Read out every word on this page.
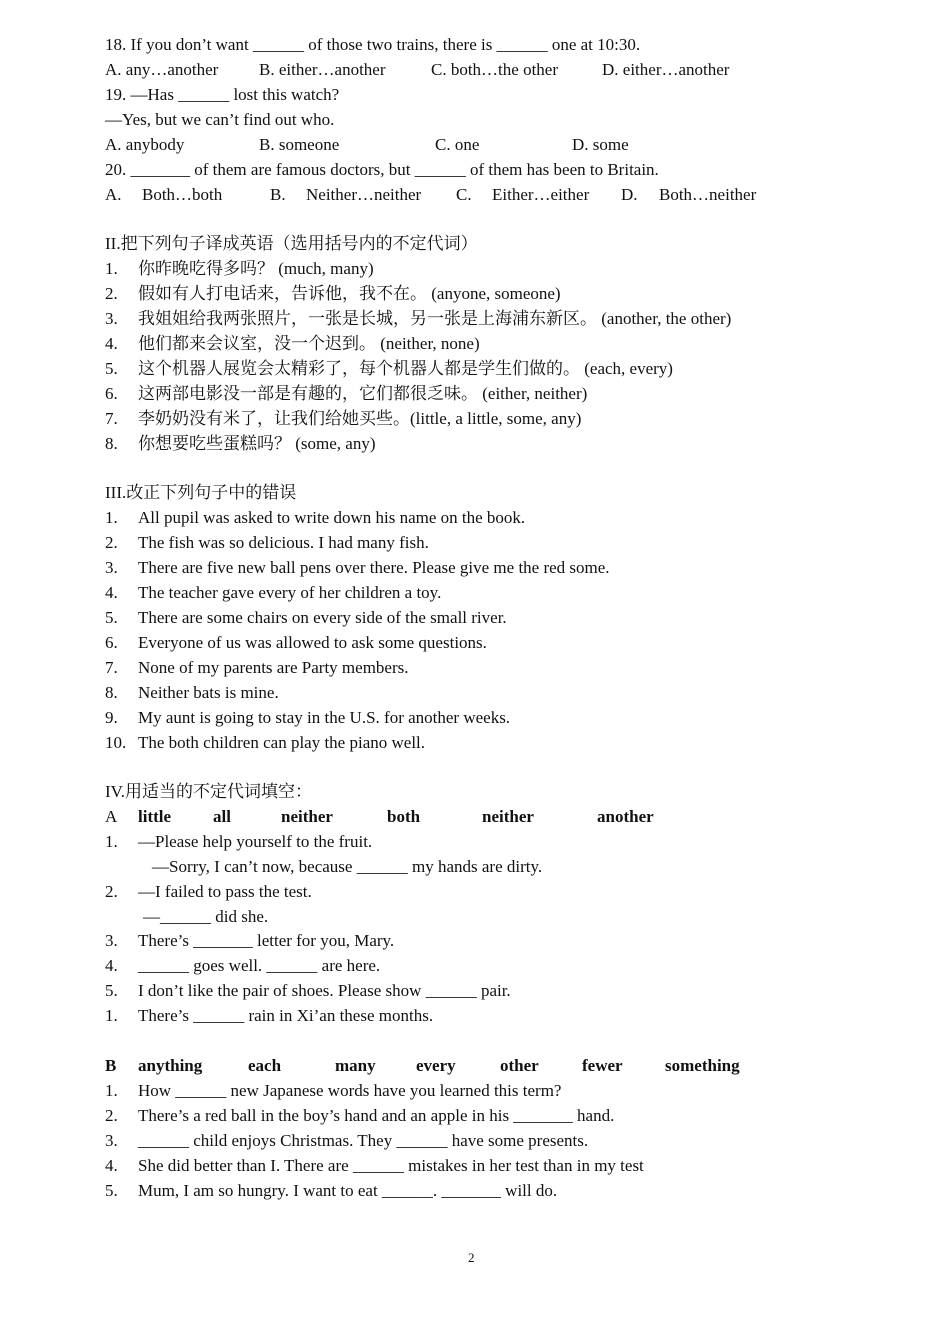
18. If you don’t want ______ of those two trains, there is ______ one at 10:30.
A. any…another B. either…another	C. both…the other	D. either…another
19. —Has ______ lost this watch?
—Yes, but we can’t find out who.
A. anybody	B. someone	C. one	D. some
20. _______ of them are famous doctors, but ______ of them has been to Britain.
A. Both…both	B. Neither…neither C. Either…either D. Both…neither
II.把下列句子译成英语（选用括号内的不定代词）
1. 你昨晚吃得多吗？ (much, many)
2. 假如有人打电话来，告诉他，我不在。 (anyone, someone)
3. 我姐姐给我两张照片，一张是长城，另一张是上海浦东新区。 (another, the other)
4. 他们都来会议室，没一个迟到。 (neither, none)
5. 这个机器人展览会太精彩了，每个机器人都是学生们做的。 (each, every)
6. 这两部电影没一部是有趣的，它们都很乏味。 (either, neither)
7. 李奶奶没有米了，让我们给她买些。(little, a little, some, any)
8. 你想要吃些蛋糕吗？ (some, any)
III.改正下列句子中的错误
1. All pupil was asked to write down his name on the book.
2. The fish was so delicious. I had many fish.
3. There are five new ball pens over there. Please give me the red some.
4. The teacher gave every of her children a toy.
5. There are some chairs on every side of the small river.
6. Everyone of us was allowed to ask some questions.
7. None of my parents are Party members.
8. Neither bats is mine.
9. My aunt is going to stay in the U.S. for another weeks.
10. The both children can play the piano well.
IV.用适当的不定代词填空：
A little all	neither	both	neither	another
1. —Please help yourself to the fruit.
—Sorry, I can’t now, because ______ my hands are dirty.
2. —I failed to pass the test.
—______ did she.
3. There’s _______ letter for you, Mary.
4. ______ goes well. ______ are here.
5. I don’t like the pair of shoes. Please show ______ pair.
1. There’s ______ rain in Xi’an these months.
B anything	each	many every	other	fewer something
1. How ______ new Japanese words have you learned this term?
2. There’s a red ball in the boy’s hand and an apple in his _______ hand.
3. ______ child enjoys Christmas. They ______ have some presents.
4. She did better than I. There are ______ mistakes in her test than in my test
5. Mum, I am so hungry. I want to eat ______. _______ will do.
2
